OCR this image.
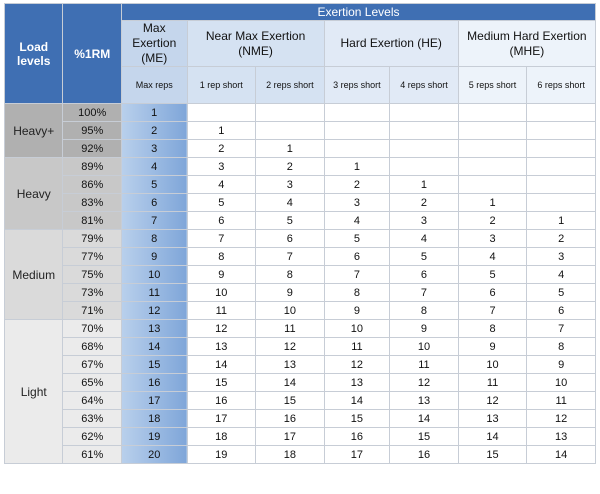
Load levels	%1RM	Exertion Levels						
		Max Exertion (ME)	Near Max Exertion (NME)		Hard Exertion (HE)		Medium Hard Exertion (MHE)	
		Max reps	1 rep short	2 reps short	3 reps short	4 reps short	5 reps short	6 reps short
Heavy+	100%	1						
	95%	2	1					
	92%	3	2	1				
Heavy	89%	4	3	2	1			
	86%	5	4	3	2	1		
	83%	6	5	4	3	2	1	
	81%	7	6	5	4	3	2	1
Medium	79%	8	7	6	5	4	3	2
	77%	9	8	7	6	5	4	3
	75%	10	9	8	7	6	5	4
	73%	11	10	9	8	7	6	5
	71%	12	11	10	9	8	7	6
Light	70%	13	12	11	10	9	8	7
	68%	14	13	12	11	10	9	8
	67%	15	14	13	12	11	10	9
	65%	16	15	14	13	12	11	10
	64%	17	16	15	14	13	12	11
	63%	18	17	16	15	14	13	12
	62%	19	18	17	16	15	14	13
	61%	20	19	18	17	16	15	14
